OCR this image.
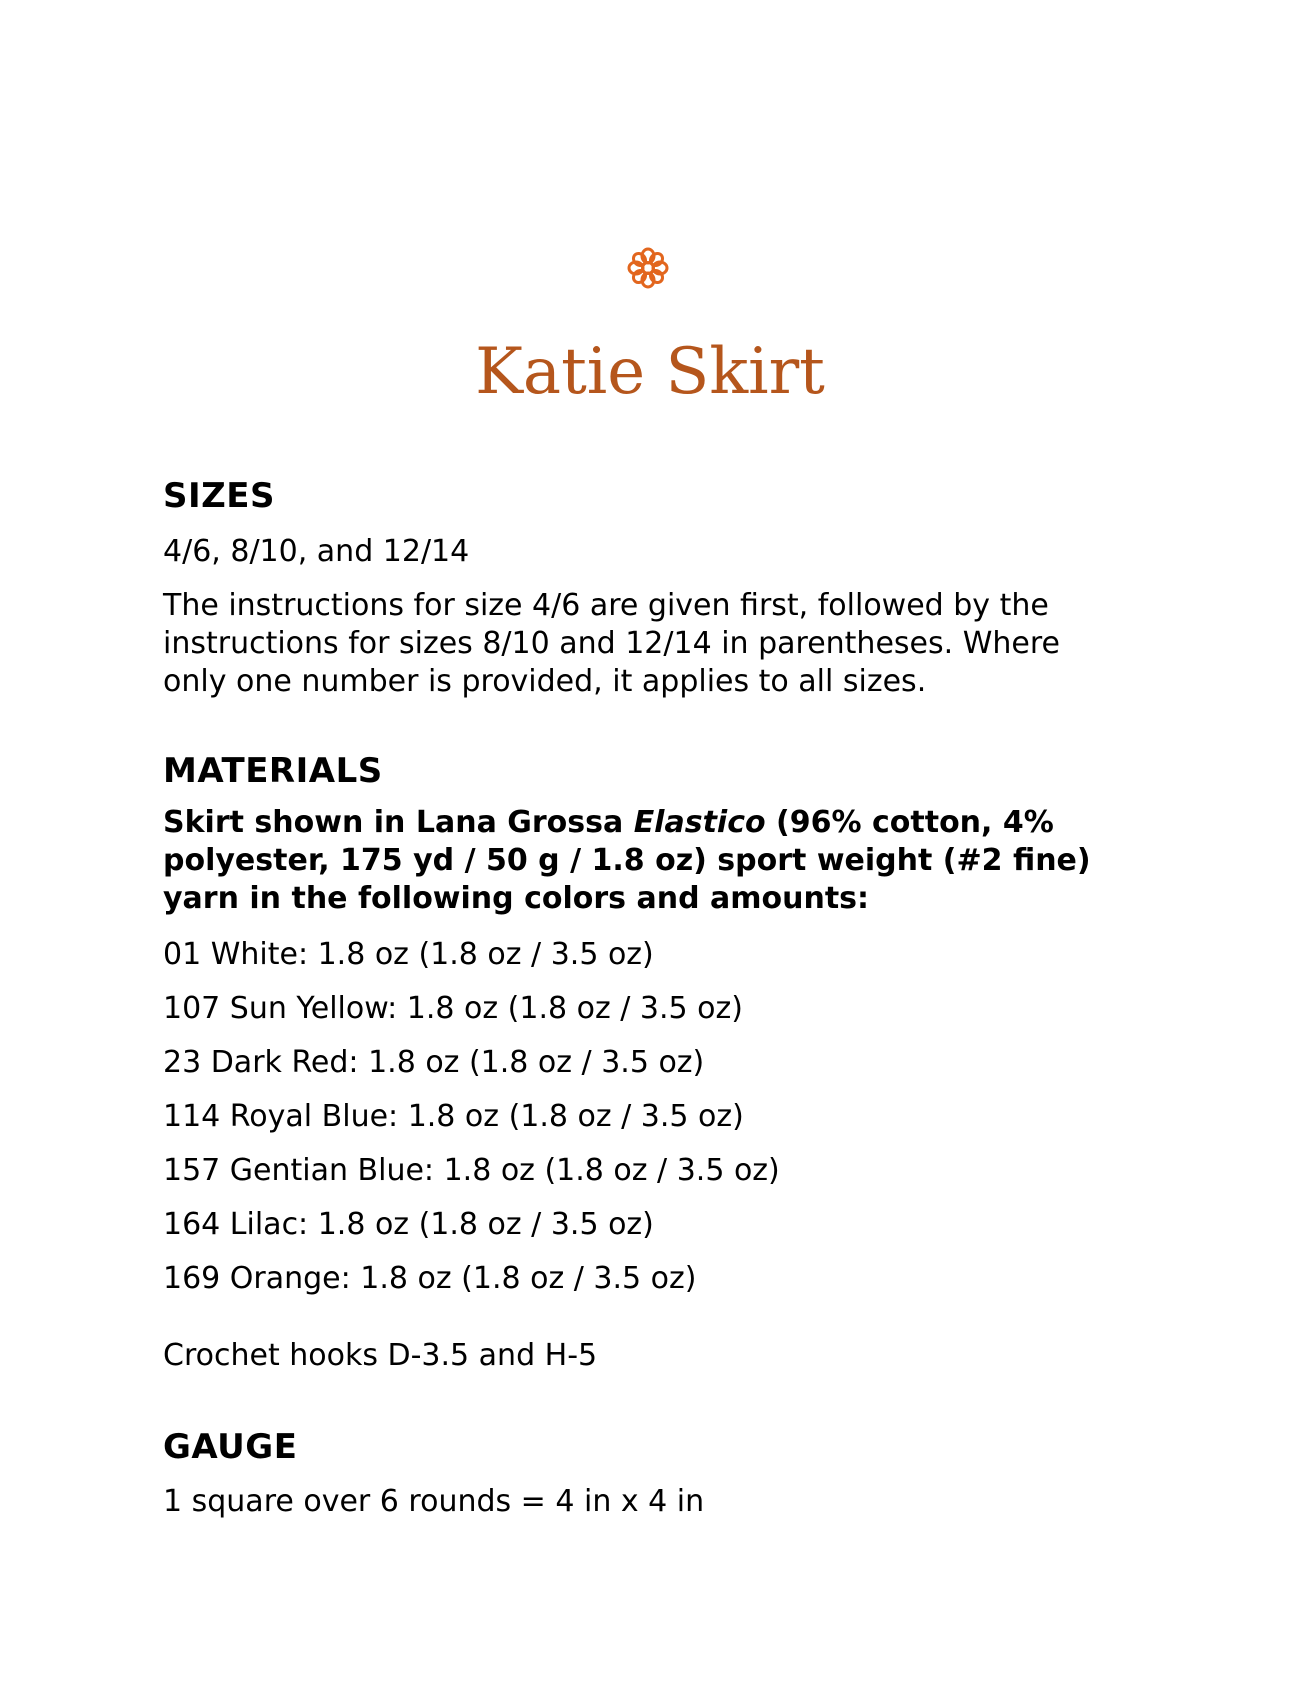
Katie Skirt
SIZES

4/6, 8/10, and 12/14

The instructions for size 4/6 are given first, followed by the instructions for sizes 8/10 and 12/14 in parentheses. Where only one number is provided, it applies to all sizes.

MATERIALS

Skirt shown in Lana Grossa Elastico (96% cotton, 4% polyester, 175 yd / 50 g / 1.8 oz) sport weight (#2 fine) yarn in the following colors and amounts:

01 White: 1.8 oz (1.8 oz / 3.5 oz)

107 Sun Yellow: 1.8 oz (1.8 oz / 3.5 oz)

23 Dark Red: 1.8 oz (1.8 oz / 3.5 oz)

114 Royal Blue: 1.8 oz (1.8 oz / 3.5 oz)

157 Gentian Blue: 1.8 oz (1.8 oz / 3.5 oz)

164 Lilac: 1.8 oz (1.8 oz / 3.5 oz)

169 Orange: 1.8 oz (1.8 oz / 3.5 oz)

Crochet hooks D-3.5 and H-5

GAUGE

1 square over 6 rounds = 4 in x 4 in
